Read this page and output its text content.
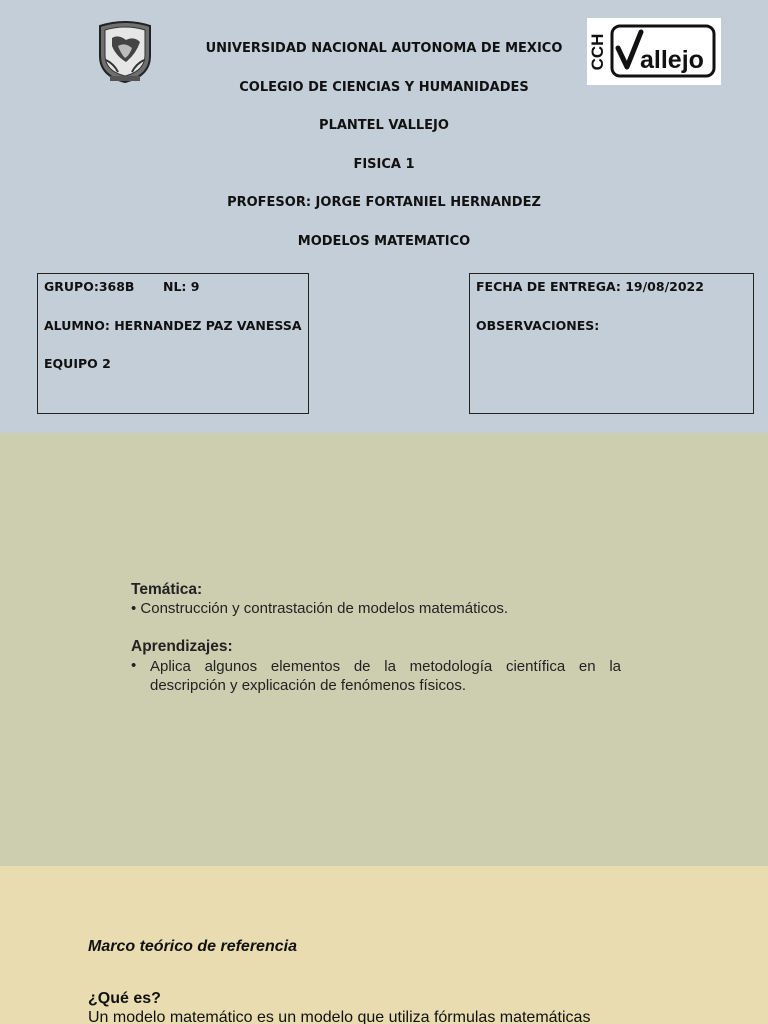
UNIVERSIDAD NACIONAL AUTONOMA DE MEXICO

COLEGIO DE CIENCIAS Y HUMANIDADES

PLANTEL VALLEJO

FISICA 1

PROFESOR: JORGE FORTANIEL HERNANDEZ

MODELOS MATEMATICO

CCH allejo

GRUPO:368B NL: 9

ALUMNO: HERNANDEZ PAZ VANESSA

EQUIPO 2

FECHA DE ENTREGA: 19/08/2022

OBSERVACIONES:

Temática:
• Construcción y contrastación de modelos matemáticos.
Aprendizajes:
• Aplica algunos elementos de la metodología científica en la descripción y explicación de fenómenos físicos.
Marco teórico de referencia
¿Qué es?
Un modelo matemático es un modelo que utiliza fórmulas matemáticas
